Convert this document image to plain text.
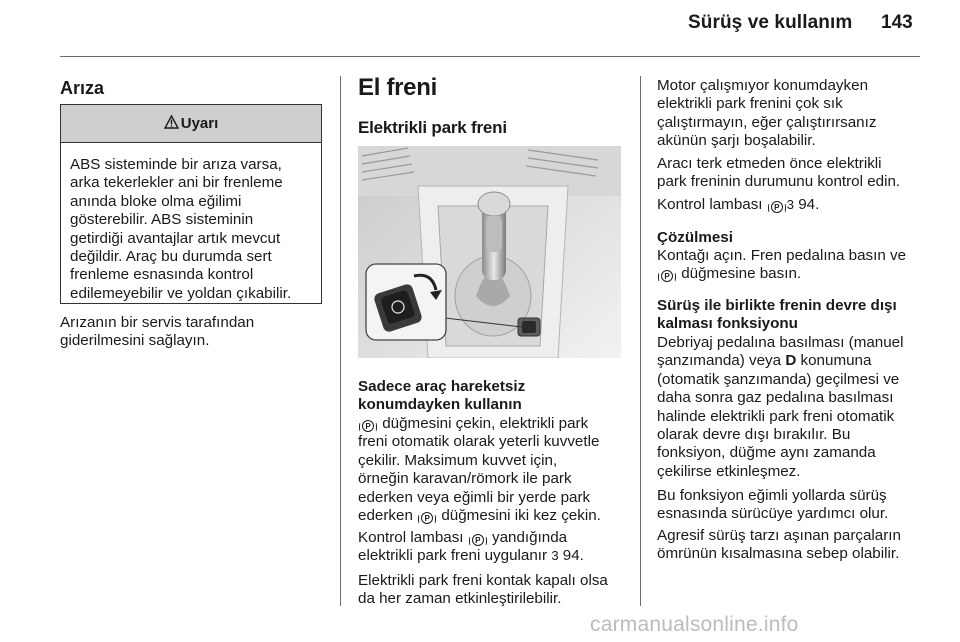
Sürüş ve kullanım 143
Arıza
Uyarı
ABS sisteminde bir arıza varsa,
arka tekerlekler ani bir frenleme
anında bloke olma eğilimi
gösterebilir. ABS sisteminin
getirdiği avantajlar artık mevcut
değildir. Araç bu durumda sert
frenleme esnasında kontrol
edilemeyebilir ve yoldan çıkabilir.
Arızanın bir servis tarafından
giderilmesini sağlayın.
El freni
Elektrikli park freni
Sadece araç hareketsiz
konumdayken kullanın
P düğmesini çekin, elektrikli park
freni otomatik olarak yeterli kuvvetle
çekilir. Maksimum kuvvet için,
örneğin karavan/römork ile park
ederken veya eğimli bir yerde park
ederken P düğmesini iki kez çekin.
Kontrol lambası P yandığında
elektrikli park freni uygulanır 3 94.
Elektrikli park freni kontak kapalı olsa
da her zaman etkinleştirilebilir.
Motor çalışmıyor konumdayken
elektrikli park frenini çok sık
çalıştırmayın, eğer çalıştırırsanız
akünün şarjı boşalabilir.
Aracı terk etmeden önce elektrikli
park freninin durumunu kontrol edin.
Kontrol lambası P 3 94.
Çözülmesi
Kontağı açın. Fren pedalına basın ve
P düğmesine basın.
Sürüş ile birlikte frenin devre dışı
kalması fonksiyonu
Debriyaj pedalına basılması (manuel
şanzımanda) veya D konumuna
(otomatik şanzımanda) geçilmesi ve
daha sonra gaz pedalına basılması
halinde elektrikli park freni otomatik
olarak devre dışı bırakılır. Bu
fonksiyon, düğme aynı zamanda
çekilirse etkinleşmez.
Bu fonksiyon eğimli yollarda sürüş
esnasında sürücüye yardımcı olur.
Agresif sürüş tarzı aşınan parçaların
ömrünün kısalmasına sebep olabilir.
carmanualsonline.info
